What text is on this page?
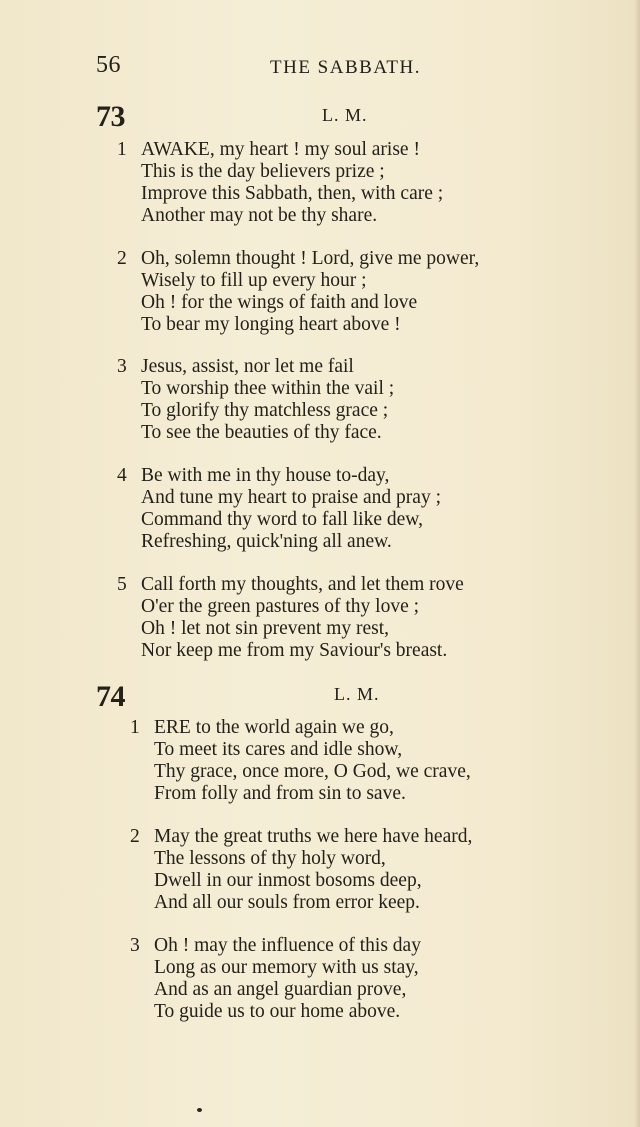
56	THE SABBATH.
73	L. M.
1 AWAKE, my heart ! my soul arise !
This is the day believers prize ;
Improve this Sabbath, then, with care ;
Another may not be thy share.
2 Oh, solemn thought ! Lord, give me power,
Wisely to fill up every hour ;
Oh ! for the wings of faith and love
To bear my longing heart above !
3 Jesus, assist, nor let me fail
To worship thee within the vail ;
To glorify thy matchless grace ;
To see the beauties of thy face.
4 Be with me in thy house to-day,
And tune my heart to praise and pray ;
Command thy word to fall like dew,
Refreshing, quick'ning all anew.
5 Call forth my thoughts, and let them rove
O'er the green pastures of thy love ;
Oh ! let not sin prevent my rest,
Nor keep me from my Saviour's breast.
74	L. M.
1 ERE to the world again we go,
To meet its cares and idle show,
Thy grace, once more, O God, we crave,
From folly and from sin to save.
2 May the great truths we here have heard,
The lessons of thy holy word,
Dwell in our inmost bosoms deep,
And all our souls from error keep.
3 Oh ! may the influence of this day
Long as our memory with us stay,
And as an angel guardian prove,
To guide us to our home above.
